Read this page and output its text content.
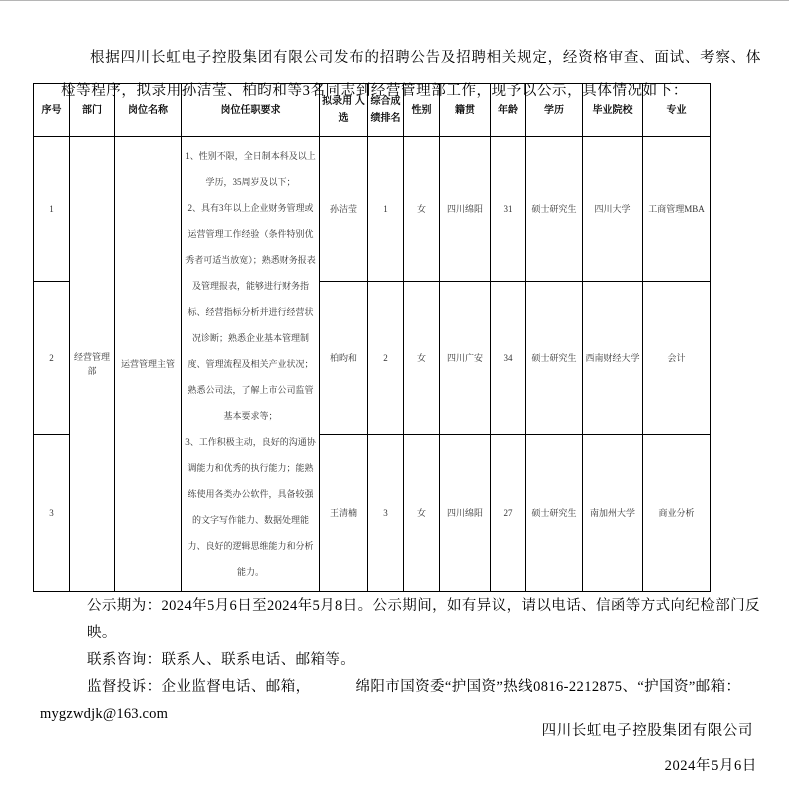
根据四川长虹电子控股集团有限公司发布的招聘公告及招聘相关规定，经资格审查、面试、考察、体检等程序，拟录用孙洁莹、柏昀和等3名同志到经营管理部工作，现予以公示，具体情况如下：

序号	部门	岗位名称	岗位任职要求	拟录用 人选	综合成绩排名	性别	籍贯	年龄	学历	毕业院校	专业
1	经营管理部	运营管理主管	1、性别不限，全日制本科及以上学历，35周岁及以下；
2、具有3年以上企业财务管理或运营管理工作经验（条件特别优秀者可适当放宽）；熟悉财务报表及管理报表，能够进行财务指标、经营指标分析并进行经营状况诊断；熟悉企业基本管理制度、管理流程及相关产业状况；熟悉公司法，了解上市公司监管基本要求等；
3、工作积极主动，良好的沟通协调能力和优秀的执行能力；能熟练使用各类办公软件，具备较强的文字写作能力、数据处理能力、良好的逻辑思维能力和分析能力。	孙洁莹	1	女	四川绵阳	31	硕士研究生	四川大学	工商管理MBA
2				柏昀和	2	女	四川广安	34	硕士研究生	西南财经大学	会计
3				王清楠	3	女	四川绵阳	27	硕士研究生	南加州大学	商业分析
公示期为：2024年5月6日至2024年5月8日。公示期间，如有异议，请以电话、信函等方式向纪检部门反映。
联系咨询：联系人、联系电话、邮箱等。
监督投诉：企业监督电话、邮箱，	绵阳市国资委“护国资”热线0816-2212875、“护国资”邮箱：
mygzwdjk@163.com
四川长虹电子控股集团有限公司
2024年5月6日
